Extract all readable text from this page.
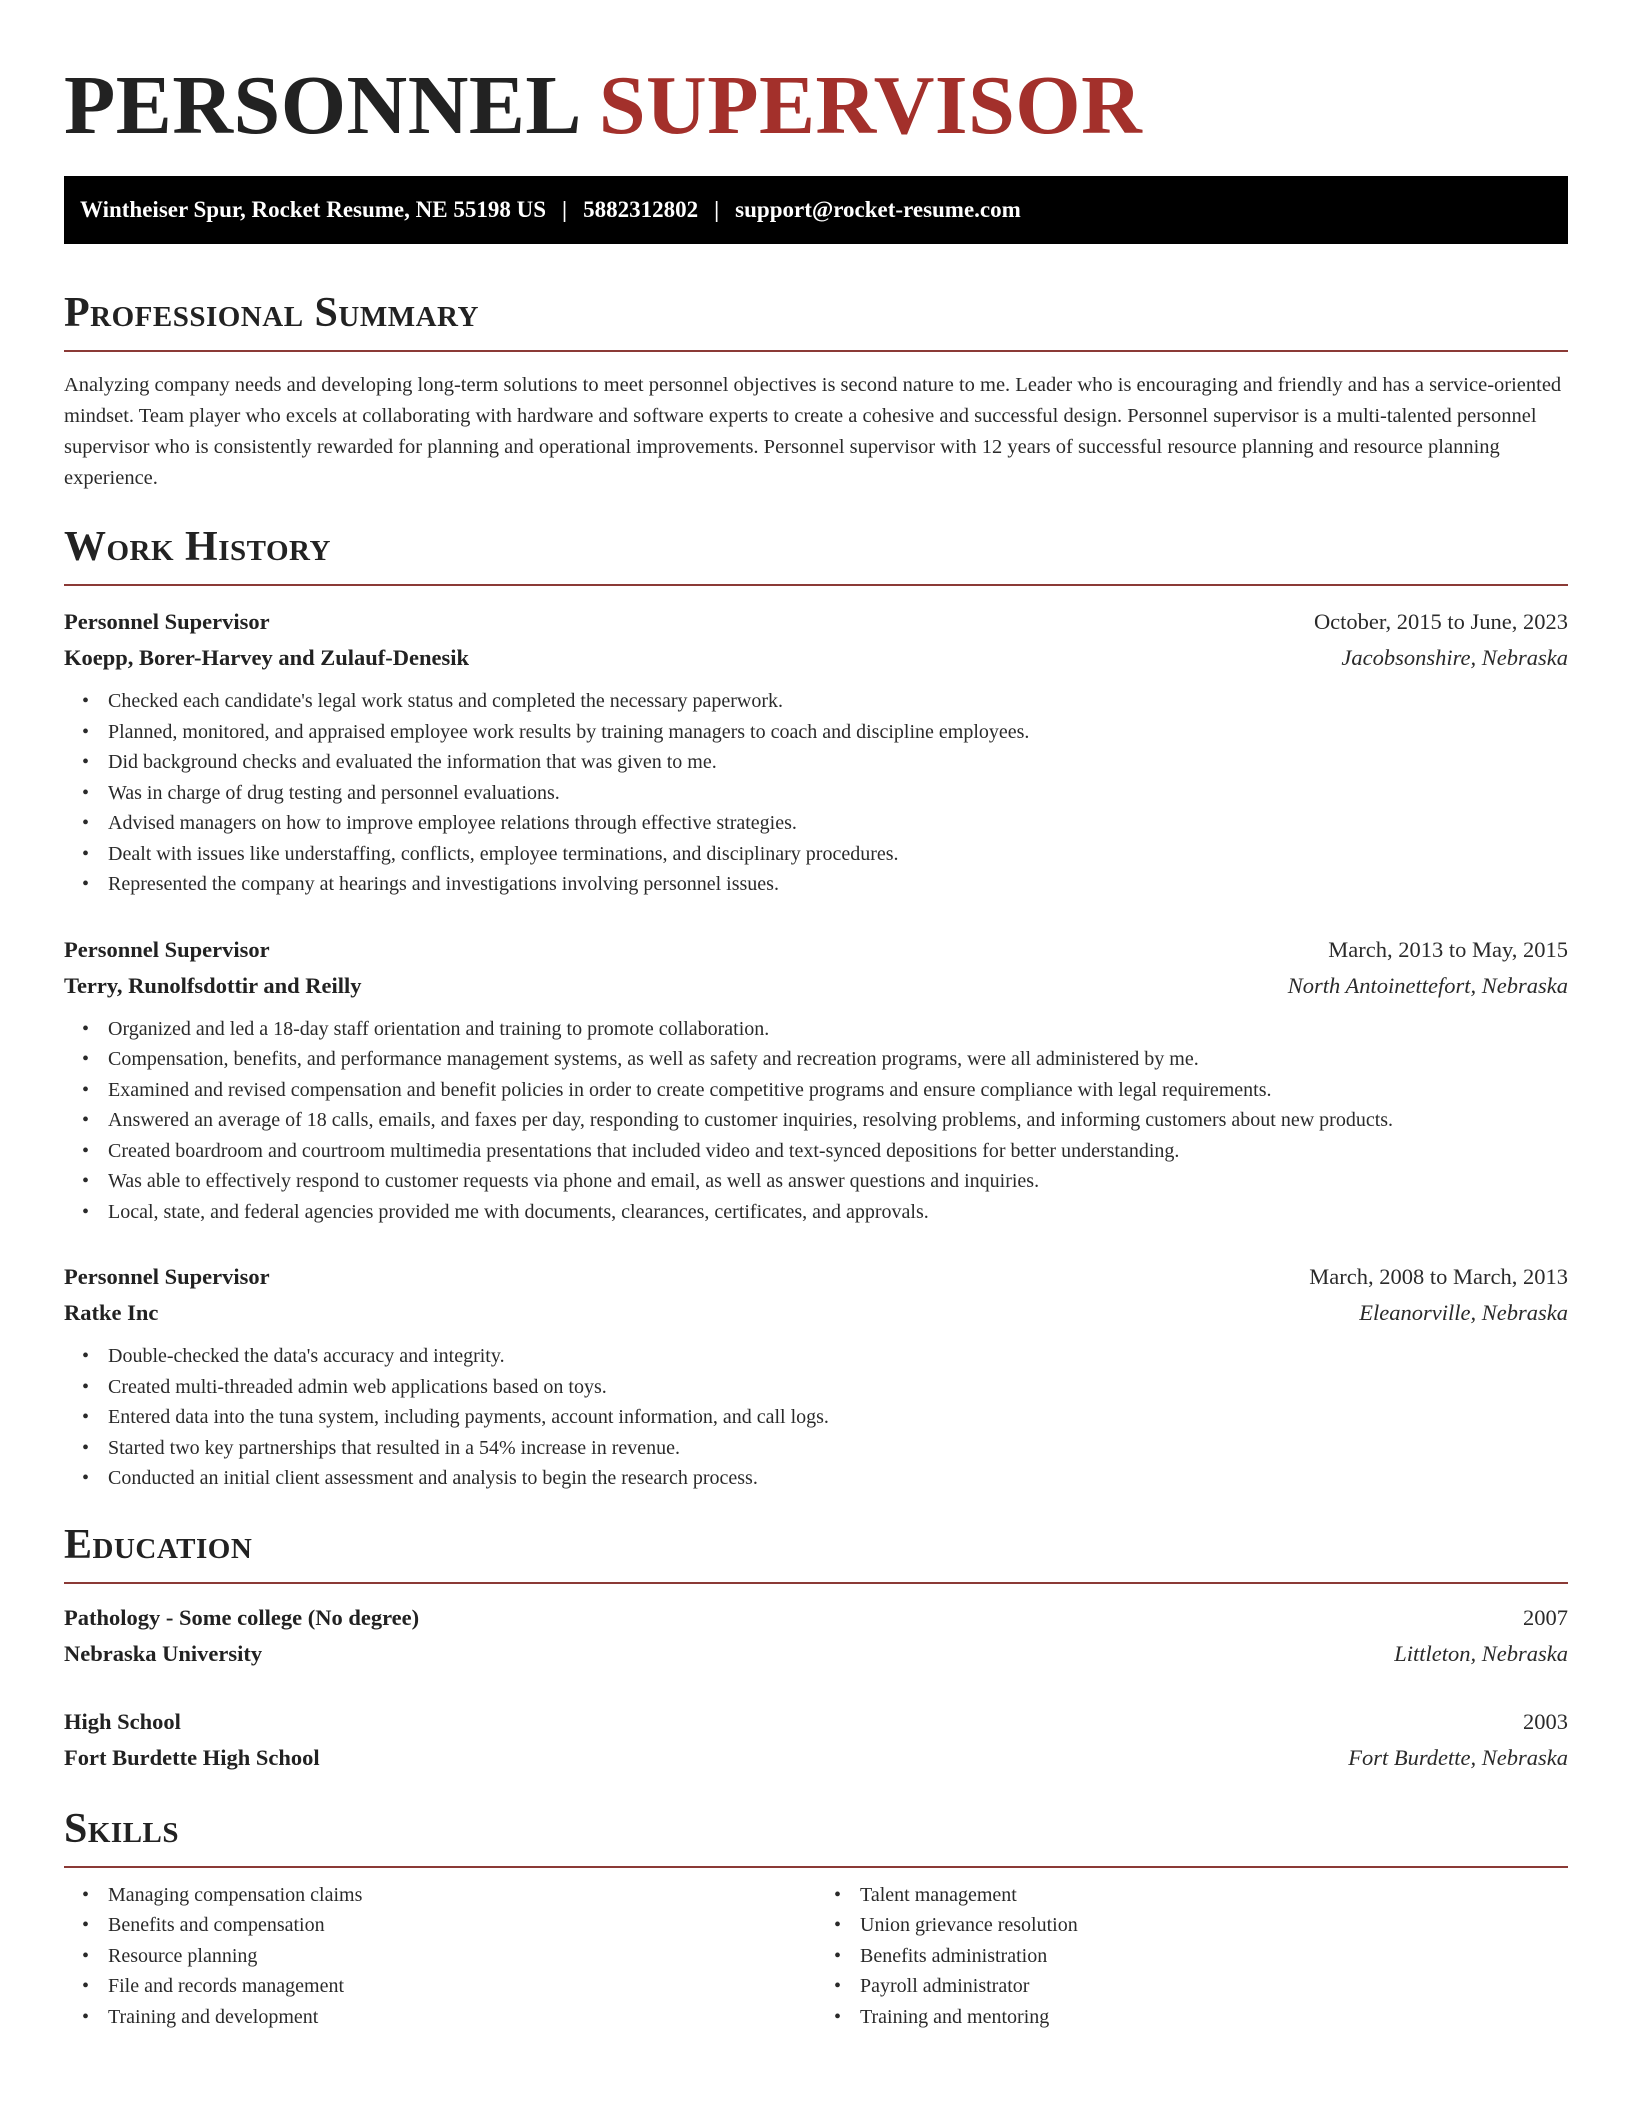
PERSONNEL SUPERVISOR
Wintheiser Spur, Rocket Resume, NE 55198 US | 5882312802 | support@rocket-resume.com
Professional Summary

Analyzing company needs and developing long-term solutions to meet personnel objectives is second nature to me. Leader who is encouraging and friendly and has a service-oriented mindset. Team player who excels at collaborating with hardware and software experts to create a cohesive and successful design. Personnel supervisor is a multi-talented personnel supervisor who is consistently rewarded for planning and operational improvements. Personnel supervisor with 12 years of successful resource planning and resource planning experience.

Work History
Personnel Supervisor	October, 2015 to June, 2023
Koepp, Borer-Harvey and Zulauf-Denesik	Jacobsonshire, Nebraska
• Checked each candidate's legal work status and completed the necessary paperwork.
• Planned, monitored, and appraised employee work results by training managers to coach and discipline employees.
• Did background checks and evaluated the information that was given to me.
• Was in charge of drug testing and personnel evaluations.
• Advised managers on how to improve employee relations through effective strategies.
• Dealt with issues like understaffing, conflicts, employee terminations, and disciplinary procedures.
• Represented the company at hearings and investigations involving personnel issues.
Personnel Supervisor	March, 2013 to May, 2015
Terry, Runolfsdottir and Reilly	North Antoinettefort, Nebraska
• Organized and led a 18-day staff orientation and training to promote collaboration.
• Compensation, benefits, and performance management systems, as well as safety and recreation programs, were all administered by me.
• Examined and revised compensation and benefit policies in order to create competitive programs and ensure compliance with legal requirements.
• Answered an average of 18 calls, emails, and faxes per day, responding to customer inquiries, resolving problems, and informing customers about new products.
• Created boardroom and courtroom multimedia presentations that included video and text-synced depositions for better understanding.
• Was able to effectively respond to customer requests via phone and email, as well as answer questions and inquiries.
• Local, state, and federal agencies provided me with documents, clearances, certificates, and approvals.
Personnel Supervisor	March, 2008 to March, 2013
Ratke Inc	Eleanorville, Nebraska
• Double-checked the data's accuracy and integrity.
• Created multi-threaded admin web applications based on toys.
• Entered data into the tuna system, including payments, account information, and call logs.
• Started two key partnerships that resulted in a 54% increase in revenue.
• Conducted an initial client assessment and analysis to begin the research process.
Education
Pathology - Some college (No degree)	2007
Nebraska University	Littleton, Nebraska
High School	2003
Fort Burdette High School	Fort Burdette, Nebraska
Skills
• Managing compensation claims
• Benefits and compensation
• Resource planning
• File and records management
• Training and development
• Talent management
• Union grievance resolution
• Benefits administration
• Payroll administrator
• Training and mentoring
